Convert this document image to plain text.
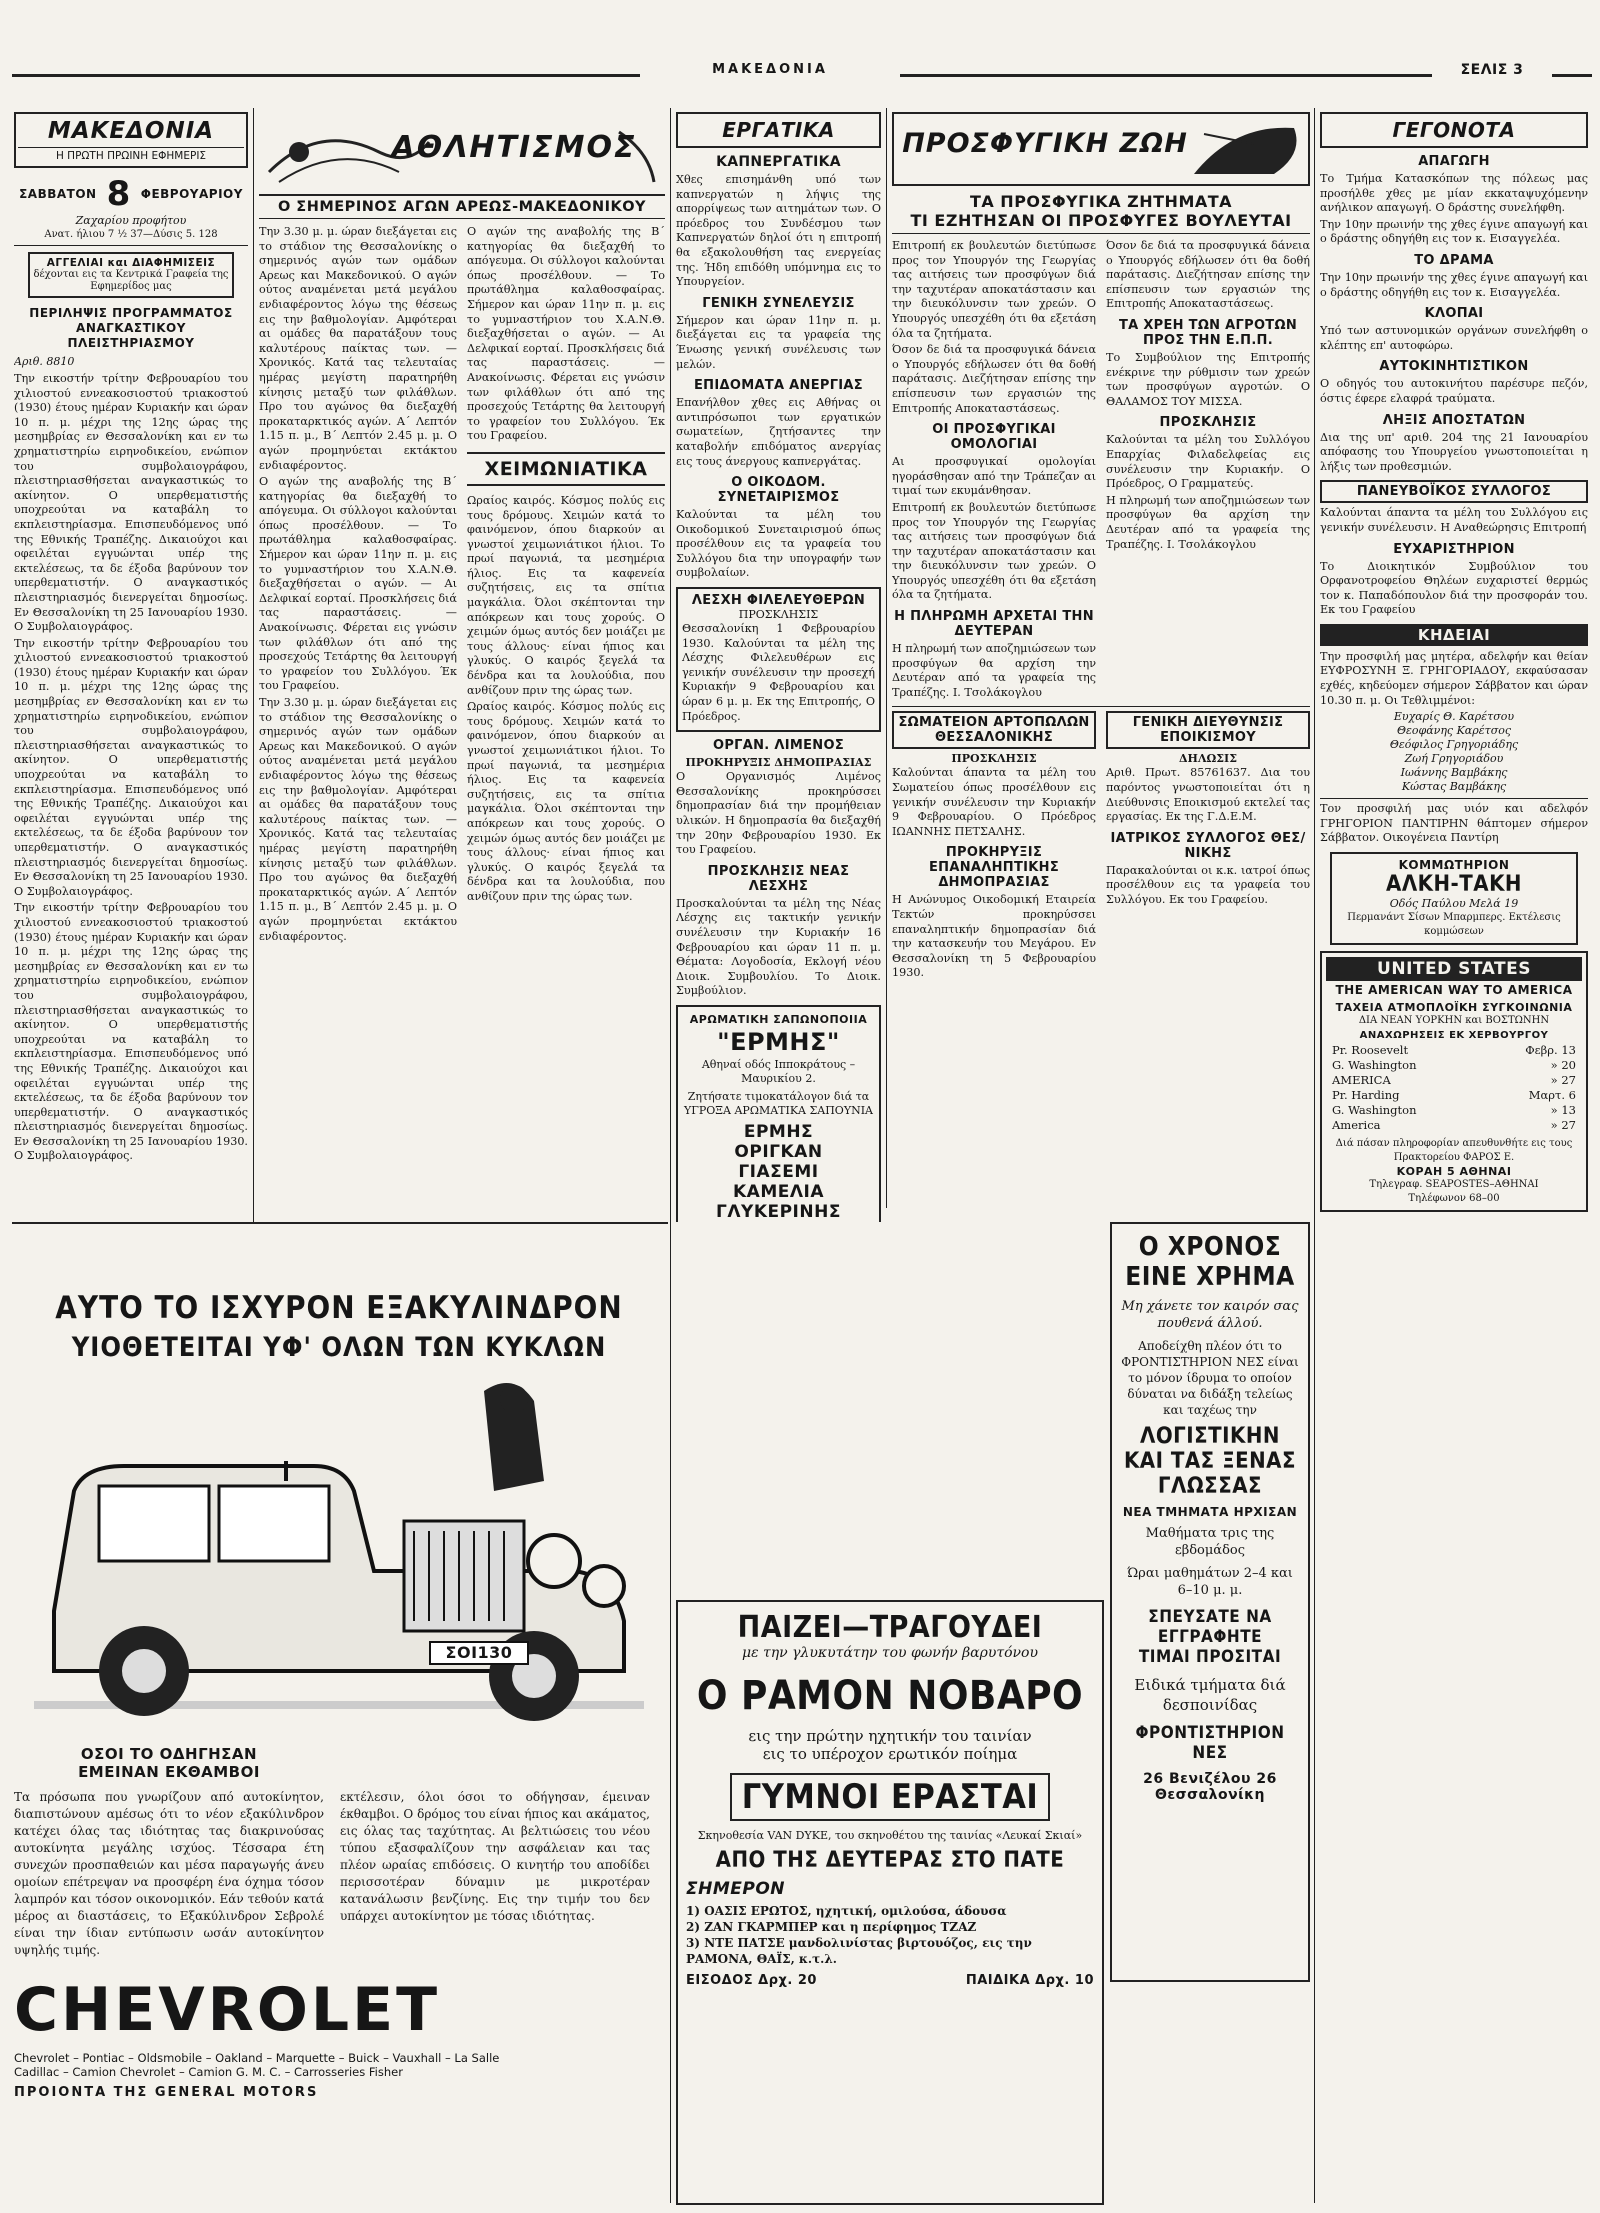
ΜΑΚΕΔΟΝΙΑ	ΣΕΛΙΣ 3
ΜΑΚΕΔΟΝΙΑ
Η ΠΡΩΤΗ ΠΡΩΙΝΗ ΕΦΗΜΕΡΙΣ
ΣΑΒΒΑΤΟΝ 8 ΦΕΒΡΟΥΑΡΙΟΥ
Ζαχαρίου προφήτου
Ανατ. ήλιου 7 ½ 37—Δύσις 5. 128
ΑΓΓΕΛΙΑΙ και ΔΙΑΦΗΜΙΣΕΙΣ
δέχονται εις τα Κεντρικά Γραφεία της Εφημερίδος μας
ΠΕΡΙΛΗΨΙΣ ΠΡΟΓΡΑΜΜΑΤΟΣ ΑΝΑΓΚΑΣΤΙΚΟΥ ΠΛΕΙΣΤΗΡΙΑΣΜΟΥ
Αριθ. 8810

Την εικοστήν τρίτην Φεβρουαρίου του χιλιοστού εννεακοσιοστού τριακοστού (1930) έτους ημέραν Κυριακήν και ώραν 10 π. μ. μέχρι της 12ης ώρας της μεσημβρίας εν Θεσσαλονίκη και εν τω χρηματιστηρίω ειρηνοδικείου, ενώπιον του συμβολαιογράφου, πλειστηριασθήσεται αναγκαστικώς το ακίνητον. Ο υπερθεματιστής υποχρεούται να καταβάλη το εκπλειστηρίασμα. Επισπευδόμενος υπό της Εθνικής Τραπέζης. Δικαιούχοι και οφειλέται εγγυώνται υπέρ της εκτελέσεως, τα δε έξοδα βαρύνουν τον υπερθεματιστήν. Ο αναγκαστικός πλειστηριασμός διενεργείται δημοσίως. Εν Θεσσαλονίκη τη 25 Ιανουαρίου 1930. Ο Συμβολαιογράφος.

Την εικοστήν τρίτην Φεβρουαρίου του χιλιοστού εννεακοσιοστού τριακοστού (1930) έτους ημέραν Κυριακήν και ώραν 10 π. μ. μέχρι της 12ης ώρας της μεσημβρίας εν Θεσσαλονίκη και εν τω χρηματιστηρίω ειρηνοδικείου, ενώπιον του συμβολαιογράφου, πλειστηριασθήσεται αναγκαστικώς το ακίνητον. Ο υπερθεματιστής υποχρεούται να καταβάλη το εκπλειστηρίασμα. Επισπευδόμενος υπό της Εθνικής Τραπέζης. Δικαιούχοι και οφειλέται εγγυώνται υπέρ της εκτελέσεως, τα δε έξοδα βαρύνουν τον υπερθεματιστήν. Ο αναγκαστικός πλειστηριασμός διενεργείται δημοσίως. Εν Θεσσαλονίκη τη 25 Ιανουαρίου 1930. Ο Συμβολαιογράφος.

Την εικοστήν τρίτην Φεβρουαρίου του χιλιοστού εννεακοσιοστού τριακοστού (1930) έτους ημέραν Κυριακήν και ώραν 10 π. μ. μέχρι της 12ης ώρας της μεσημβρίας εν Θεσσαλονίκη και εν τω χρηματιστηρίω ειρηνοδικείου, ενώπιον του συμβολαιογράφου, πλειστηριασθήσεται αναγκαστικώς το ακίνητον. Ο υπερθεματιστής υποχρεούται να καταβάλη το εκπλειστηρίασμα. Επισπευδόμενος υπό της Εθνικής Τραπέζης. Δικαιούχοι και οφειλέται εγγυώνται υπέρ της εκτελέσεως, τα δε έξοδα βαρύνουν τον υπερθεματιστήν. Ο αναγκαστικός πλειστηριασμός διενεργείται δημοσίως. Εν Θεσσαλονίκη τη 25 Ιανουαρίου 1930. Ο Συμβολαιογράφος.

ΑΘΛΗΤΙΣΜΟΣ
Ο ΣΗΜΕΡΙΝΟΣ ΑΓΩΝ ΑΡΕΩΣ-ΜΑΚΕΔΟΝΙΚΟΥ

Την 3.30 μ. μ. ώραν διεξάγεται εις το στάδιον της Θεσσαλονίκης ο σημερινός αγών των ομάδων Αρεως και Μακεδονικού. Ο αγών ούτος αναμένεται μετά μεγάλου ενδιαφέροντος λόγω της θέσεως εις την βαθμολογίαν. Αμφότεραι αι ομάδες θα παρατάξουν τους καλυτέρους παίκτας των. — Χρονικός. Κατά τας τελευταίας ημέρας μεγίστη παρατηρήθη κίνησις μεταξύ των φιλάθλων. Προ του αγώνος θα διεξαχθή προκαταρκτικός αγών. Α΄ Λεπτόν 1.15 π. μ., Β΄ Λεπτόν 2.45 μ. μ. Ο αγών προμηνύεται εκτάκτου ενδιαφέροντος.

Ο αγών της αναβολής της Β΄ κατηγορίας θα διεξαχθή το απόγευμα. Οι σύλλογοι καλούνται όπως προσέλθουν. — Το πρωτάθλημα καλαθοσφαίρας. Σήμερον και ώραν 11ην π. μ. εις το γυμναστήριον του Χ.Α.Ν.Θ. διεξαχθήσεται ο αγών. — Αι Δελφικαί εορταί. Προσκλήσεις διά τας παραστάσεις. — Ανακοίνωσις. Φέρεται εις γνώσιν των φιλάθλων ότι από της προσεχούς Τετάρτης θα λειτουργή το γραφείον του Συλλόγου. Έκ του Γραφείου.

Την 3.30 μ. μ. ώραν διεξάγεται εις το στάδιον της Θεσσαλονίκης ο σημερινός αγών των ομάδων Αρεως και Μακεδονικού. Ο αγών ούτος αναμένεται μετά μεγάλου ενδιαφέροντος λόγω της θέσεως εις την βαθμολογίαν. Αμφότεραι αι ομάδες θα παρατάξουν τους καλυτέρους παίκτας των. — Χρονικός. Κατά τας τελευταίας ημέρας μεγίστη παρατηρήθη κίνησις μεταξύ των φιλάθλων. Προ του αγώνος θα διεξαχθή προκαταρκτικός αγών. Α΄ Λεπτόν 1.15 π. μ., Β΄ Λεπτόν 2.45 μ. μ. Ο αγών προμηνύεται εκτάκτου ενδιαφέροντος.

Ο αγών της αναβολής της Β΄ κατηγορίας θα διεξαχθή το απόγευμα. Οι σύλλογοι καλούνται όπως προσέλθουν. — Το πρωτάθλημα καλαθοσφαίρας. Σήμερον και ώραν 11ην π. μ. εις το γυμναστήριον του Χ.Α.Ν.Θ. διεξαχθήσεται ο αγών. — Αι Δελφικαί εορταί. Προσκλήσεις διά τας παραστάσεις. — Ανακοίνωσις. Φέρεται εις γνώσιν των φιλάθλων ότι από της προσεχούς Τετάρτης θα λειτουργή το γραφείον του Συλλόγου. Έκ του Γραφείου.

ΧΕΙΜΩΝΙΑΤΙΚΑ

Ωραίος καιρός. Κόσμος πολύς εις τους δρόμους. Χειμών κατά το φαινόμενον, όπου διαρκούν αι γνωστοί χειμωνιάτικοι ήλιοι. Το πρωί παγωνιά, τα μεσημέρια ήλιος. Εις τα καφενεία συζητήσεις, εις τα σπίτια μαγκάλια. Όλοι σκέπτονται την απόκρεων και τους χορούς. Ο χειμών όμως αυτός δεν μοιάζει με τους άλλους· είναι ήπιος και γλυκύς. Ο καιρός ξεγελά τα δένδρα και τα λουλούδια, που ανθίζουν πριν της ώρας των.

Ωραίος καιρός. Κόσμος πολύς εις τους δρόμους. Χειμών κατά το φαινόμενον, όπου διαρκούν αι γνωστοί χειμωνιάτικοι ήλιοι. Το πρωί παγωνιά, τα μεσημέρια ήλιος. Εις τα καφενεία συζητήσεις, εις τα σπίτια μαγκάλια. Όλοι σκέπτονται την απόκρεων και τους χορούς. Ο χειμών όμως αυτός δεν μοιάζει με τους άλλους· είναι ήπιος και γλυκύς. Ο καιρός ξεγελά τα δένδρα και τα λουλούδια, που ανθίζουν πριν της ώρας των.

ΑΥΤΟ ΤΟ ΙΣΧΥΡΟΝ ΕΞΑΚΥΛΙΝΔΡΟΝ
ΥΙΟΘΕΤΕΙΤΑΙ ΥΦ' ΟΛΩΝ ΤΩΝ ΚΥΚΛΩΝ
ΣΟΙ130
ΟΣΟΙ ΤΟ ΟΔΗΓΗΣΑΝ
ΕΜΕΙΝΑΝ ΕΚΘΑΜΒΟΙ

Τα πρόσωπα που γνωρίζουν από αυτοκίνητον, διαπιστώνουν αμέσως ότι το νέον εξακύλινδρον κατέχει όλας τας ιδιότητας τας διακρινούσας αυτοκίνητα μεγάλης ισχύος. Τέσσαρα έτη συνεχών προσπαθειών και μέσα παραγωγής άνευ ομοίων επέτρεψαν να προσφέρη ένα όχημα τόσον λαμπρόν και τόσον οικονομικόν. Εάν τεθούν κατά μέρος αι διαστάσεις, το Εξακύλινδρον Σεβρολέ είναι την ίδιαν εντύπωσιν ωσάν αυτοκίνητον υψηλής τιμής.

εκτέλεσιν, όλοι όσοι το οδήγησαν, έμειναν έκθαμβοι. Ο δρόμος του είναι ήπιος και ακάματος, εις όλας τας ταχύτητας. Αι βελτιώσεις του νέου τύπου εξασφαλίζουν την ασφάλειαν και τας πλέον ωραίας επιδόσεις. Ο κινητήρ του αποδίδει περισσοτέραν δύναμιν με μικροτέραν κατανάλωσιν βενζίνης. Εις την τιμήν του δεν υπάρχει αυτοκίνητον με τόσας ιδιότητας.

CHEVROLET
Chevrolet – Pontiac – Oldsmobile – Oakland – Marquette – Buick – Vauxhall – La Salle
Cadillac – Camion Chevrolet – Camion G. M. C. – Carrosseries Fisher
ΠΡΟΙΟΝΤΑ ΤΗΣ GENERAL MOTORS
ΕΡΓΑΤΙΚΑ
ΚΑΠΝΕΡΓΑΤΙΚΑ

Χθες επισημάνθη υπό των καπνεργατών η λήψις της απορρίψεως των αιτημάτων των. Ο πρόεδρος του Συνδέσμου των Καπνεργατών δηλοί ότι η επιτροπή θα εξακολουθήση τας ενεργείας της. Ήδη επιδόθη υπόμνημα εις το Υπουργείον.

ΓΕΝΙΚΗ ΣΥΝΕΛΕΥΣΙΣ

Σήμερον και ώραν 11ην π. μ. διεξάγεται εις τα γραφεία της Ένωσης γενική συνέλευσις των μελών.

ΕΠΙΔΟΜΑΤΑ ΑΝΕΡΓΙΑΣ

Επανήλθον χθες εις Αθήνας οι αντιπρόσωποι των εργατικών σωματείων, ζητήσαντες την καταβολήν επιδόματος ανεργίας εις τους άνεργους καπνεργάτας.

Ο ΟΙΚΟΔΟΜ. ΣΥΝΕΤΑΙΡΙΣΜΟΣ

Καλούνται τα μέλη του Οικοδομικού Συνεταιρισμού όπως προσέλθουν εις τα γραφεία του Συλλόγου δια την υπογραφήν των συμβολαίων.

ΛΕΣΧΗ ΦΙΛΕΛΕΥΘΕΡΩΝ
ΠΡΟΣΚΛΗΣΙΣ

Θεσσαλονίκη 1 Φεβρουαρίου 1930. Καλούνται τα μέλη της Λέσχης Φιλελευθέρων εις γενικήν συνέλευσιν την προσεχή Κυριακήν 9 Φεβρουαρίου και ώραν 6 μ. μ. Εκ της Επιτροπής, Ο Πρόεδρος.

ΟΡΓΑΝ. ΛΙΜΕΝΟΣ
ΠΡΟΚΗΡΥΞΙΣ ΔΗΜΟΠΡΑΣΙΑΣ

Ο Οργανισμός Λιμένος Θεσσαλονίκης προκηρύσσει δημοπρασίαν διά την προμήθειαν υλικών. Η δημοπρασία θα διεξαχθή την 20ην Φεβρουαρίου 1930. Εκ του Γραφείου.

ΠΡΟΣΚΛΗΣΙΣ ΝΕΑΣ ΛΕΣΧΗΣ

Προσκαλούνται τα μέλη της Νέας Λέσχης εις τακτικήν γενικήν συνέλευσιν την Κυριακήν 16 Φεβρουαρίου και ώραν 11 π. μ. Θέματα: Λογοδοσία, Εκλογή νέου Διοικ. Συμβουλίου. Το Διοικ. Συμβούλιον.

ΑΡΩΜΑΤΙΚΗ ΣΑΠΩΝΟΠΟΙΙΑ
"ΕΡΜΗΣ"
Αθηναί οδός Ιπποκράτους – Μαυρικίου 2.
Ζητήσατε τιμοκατάλογον διά τα ΥΓΡΟΞΑ ΑΡΩΜΑΤΙΚΑ ΣΑΠΟΥΝΙΑ
ΕΡΜΗΣ
ΟΡΙΓΚΑΝ
ΓΙΑΣΕΜΙ
ΚΑΜΕΛΙΑ
ΓΛΥΚΕΡΙΝΗΣ
ΠΡΟΣΦΥΓΙΚΗ ΖΩΗ
ΤΑ ΠΡΟΣΦΥΓΙΚΑ ΖΗΤΗΜΑΤΑ
ΤΙ ΕΖΗΤΗΣΑΝ ΟΙ ΠΡΟΣΦΥΓΕΣ ΒΟΥΛΕΥΤΑΙ

Επιτροπή εκ βουλευτών διετύπωσε προς τον Υπουργόν της Γεωργίας τας αιτήσεις των προσφύγων διά την ταχυτέραν αποκατάστασιν και την διευκόλυνσιν των χρεών. Ο Υπουργός υπεσχέθη ότι θα εξετάση όλα τα ζητήματα.

Όσον δε διά τα προσφυγικά δάνεια ο Υπουργός εδήλωσεν ότι θα δοθή παράτασις. Διεζήτησαν επίσης την επίσπευσιν των εργασιών της Επιτροπής Αποκαταστάσεως.

ΟΙ ΠΡΟΣΦΥΓΙΚΑΙ ΟΜΟΛΟΓΙΑΙ

Αι προσφυγικαί ομολογίαι ηγοράσθησαν από την Τράπεζαν αι τιμαί των εκυμάνθησαν.

Επιτροπή εκ βουλευτών διετύπωσε προς τον Υπουργόν της Γεωργίας τας αιτήσεις των προσφύγων διά την ταχυτέραν αποκατάστασιν και την διευκόλυνσιν των χρεών. Ο Υπουργός υπεσχέθη ότι θα εξετάση όλα τα ζητήματα.

Η ΠΛΗΡΩΜΗ ΑΡΧΕΤΑΙ ΤΗΝ ΔΕΥΤΕΡΑΝ

Η πληρωμή των αποζημιώσεων των προσφύγων θα αρχίση την Δευτέραν από τα γραφεία της Τραπέζης. Ι. Τσολάκογλου

Όσον δε διά τα προσφυγικά δάνεια ο Υπουργός εδήλωσεν ότι θα δοθή παράτασις. Διεζήτησαν επίσης την επίσπευσιν των εργασιών της Επιτροπής Αποκαταστάσεως.

ΤΑ ΧΡΕΗ ΤΩΝ ΑΓΡΟΤΩΝ ΠΡΟΣ ΤΗΝ Ε.Π.Π.

Το Συμβούλιον της Επιτροπής ενέκρινε την ρύθμισιν των χρεών των προσφύγων αγροτών. Ο ΘΑΛΑΜΟΣ ΤΟΥ ΜΙΣΣΑ.

ΠΡΟΣΚΛΗΣΙΣ

Καλούνται τα μέλη του Συλλόγου Επαρχίας Φιλαδελφείας εις συνέλευσιν την Κυριακήν. Ο Πρόεδρος, Ο Γραμματεύς.

Η πληρωμή των αποζημιώσεων των προσφύγων θα αρχίση την Δευτέραν από τα γραφεία της Τραπέζης. Ι. Τσολάκογλου

ΣΩΜΑΤΕΙΟΝ ΑΡΤΟΠΩΛΩΝ ΘΕΣΣΑΛΟΝΙΚΗΣ
ΠΡΟΣΚΛΗΣΙΣ

Καλούνται άπαντα τα μέλη του Σωματείου όπως προσέλθουν εις γενικήν συνέλευσιν την Κυριακήν 9 Φεβρουαρίου. Ο Πρόεδρος ΙΩΑΝΝΗΣ ΠΕΤΣΑΛΗΣ.

ΠΡΟΚΗΡΥΞΙΣ ΕΠΑΝΑΛΗΠΤΙΚΗΣ ΔΗΜΟΠΡΑΣΙΑΣ

Η Ανώνυμος Οικοδομική Εταιρεία Τεκτών προκηρύσσει επαναληπτικήν δημοπρασίαν διά την κατασκευήν του Μεγάρου. Εν Θεσσαλονίκη τη 5 Φεβρουαρίου 1930.

ΓΕΝΙΚΗ ΔΙΕΥΘΥΝΣΙΣ ΕΠΟΙΚΙΣΜΟΥ
ΔΗΛΩΣΙΣ

Αριθ. Πρωτ. 85761637. Δια του παρόντος γνωστοποιείται ότι η Διεύθυνσις Εποικισμού εκτελεί τας εργασίας. Εκ της Γ.Δ.Ε.Μ.

ΙΑΤΡΙΚΟΣ ΣΥΛΛΟΓΟΣ ΘΕΣ/ΝΙΚΗΣ

Παρακαλούνται οι κ.κ. ιατροί όπως προσέλθουν εις τα γραφεία του Συλλόγου. Εκ του Γραφείου.

Ο ΧΡΟΝΟΣ
ΕΙΝΕ ΧΡΗΜΑ
Μη χάνετε τον καιρόν σας πουθενά άλλού.
Αποδείχθη πλέον ότι το ΦΡΟΝΤΙΣΤΗΡΙΟΝ ΝΕΣ είναι το μόνον ίδρυμα το οποίον δύναται να διδάξη τελείως και ταχέως την
ΛΟΓΙΣΤΙΚΗΝ
ΚΑΙ ΤΑΣ ΞΕΝΑΣ
ΓΛΩΣΣΑΣ
ΝΕΑ ΤΜΗΜΑΤΑ ΗΡΧΙΣΑΝ
Μαθήματα τρις της εβδομάδος
Ώραι μαθημάτων 2–4 και 6–10 μ. μ.
ΣΠΕΥΣΑΤΕ ΝΑ ΕΓΓΡΑΦΗΤΕ
ΤΙΜΑΙ ΠΡΟΣΙΤΑΙ
Ειδικά τμήματα διά δεσποινίδας
ΦΡΟΝΤΙΣΤΗΡΙΟΝ ΝΕΣ
26 Βενιζέλου 26
Θεσσαλονίκη
ΠΑΙΖΕΙ—ΤΡΑΓΟΥΔΕΙ
με την γλυκυτάτην του φωνήν βαρυτόνου
Ο ΡΑΜΟΝ ΝΟΒΑΡΟ
εις την πρώτην ηχητικήν του ταινίαν
εις το υπέροχον ερωτικόν ποίημα
ΓΥΜΝΟΙ ΕΡΑΣΤΑΙ
Σκηνοθεσία VAN DYKE, του σκηνοθέτου της ταινίας «Λευκαί Σκιαί»
ΑΠΟ ΤΗΣ ΔΕΥΤΕΡΑΣ ΣΤΟ ΠΑΤΕ
ΣΗΜΕΡΟΝ

1) ΟΑΣΙΣ ΕΡΩΤΟΣ, ηχητική, ομιλούσα, άδουσα

2) ΖΑΝ ΓΚΑΡΜΠΕΡ και η περίφημος ΤΖΑΖ

3) ΝΤΕ ΠΑΤΣΕ μανδολινίστας βιρτουόζος, εις την ΡΑΜΟΝΑ, ΘΑΪΣ, κ.τ.λ.

ΕΙΣΟΔΟΣ Δρχ. 20	ΠΑΙΔΙΚΑ Δρχ. 10
ΓΕΓΟΝΟΤΑ
ΑΠΑΓΩΓΗ

Το Τμήμα Κατασκόπων της πόλεως μας προσήλθε χθες με μίαν εκκαταψυχόμενην ανήλικον απαγωγή. Ο δράστης συνελήφθη.

Την 10ην πρωινήν της χθες έγινε απαγωγή και ο δράστης οδηγήθη εις τον κ. Εισαγγελέα.

ΤΟ ΔΡΑΜΑ

Την 10ην πρωινήν της χθες έγινε απαγωγή και ο δράστης οδηγήθη εις τον κ. Εισαγγελέα.

ΚΛΟΠΑΙ

Υπό των αστυνομικών οργάνων συνελήφθη ο κλέπτης επ' αυτοφώρω.

ΑΥΤΟΚΙΝΗΤΙΣΤΙΚΟΝ

Ο οδηγός του αυτοκινήτου παρέσυρε πεζόν, όστις έφερε ελαφρά τραύματα.

ΛΗΞΙΣ ΑΠΟΣΤΑΤΩΝ

Δια της υπ' αριθ. 204 της 21 Ιανουαρίου απόφασης του Υπουργείου γνωστοποιείται η λήξις των προθεσμιών.

ΠΑΝΕΥΒΟΪΚΟΣ ΣΥΛΛΟΓΟΣ

Καλούνται άπαντα τα μέλη του Συλλόγου εις γενικήν συνέλευσιν. Η Αναθεώρησις Επιτροπή

ΕΥΧΑΡΙΣΤΗΡΙΟΝ

Το Διοικητικόν Συμβούλιον του Ορφανοτροφείου Θηλέων ευχαριστεί θερμώς τον κ. Παπαδόπουλον διά την προσφοράν του. Εκ του Γραφείου

ΚΗΔΕΙΑΙ

Την προσφιλή μας μητέρα, αδελφήν και θείαν ΕΥΦΡΟΣΥΝΗ Ξ. ΓΡΗΓΟΡΙΑΔΟΥ, εκφαύσασαν εχθές, κηδεύομεν σήμερον Σάββατον και ώραν 10.30 π. μ. Οι Τεθλιμμένοι:

Ευχαρίς Θ. Καρέτσου
Θεοφάνης Καρέτσος
Θεόφιλος Γρηγοριάδης
Ζωή Γρηγοριάδου
Ιωάννης Βαμβάκης
Κώστας Βαμβάκης

Τον προσφιλή μας υιόν και αδελφόν ΓΡΗΓΟΡΙΟΝ ΠΑΝΤΙΡΗΝ θάπτομεν σήμερον Σάββατον. Οικογένεια Παντίρη

ΚΟΜΜΩΤΗΡΙΟΝ
ΑΛΚΗ-ΤΑΚΗ
Οδός Παύλου Μελά 19
Περμανάντ Σίσων Μπαρμπερς. Εκτέλεσις κομμώσεων
UNITED STATES
THE AMERICAN WAY TO AMERICA
ΤΑΧΕΙΑ ΑΤΜΟΠΛΟΪΚΗ ΣΥΓΚΟΙΝΩΝΙΑ
ΔΙΑ ΝΕΑΝ ΥΟΡΚΗΝ και ΒΟΣΤΩΝΗΝ
ΑΝΑΧΩΡΗΣΕΙΣ ΕΚ ΧΕΡΒΟΥΡΓΟΥ
Pr. Roosevelt	Φεβρ. 13
G. Washington	» 20
AMERICA	» 27
Pr. Harding	Μαρτ. 6
G. Washington	» 13
America	» 27
Διά πάσαν πληροφορίαν απευθυνθήτε εις τους Πρακτορείου ΦΑΡΟΣ Ε.
ΚΟΡΑΗ 5 ΑΘΗΝΑΙ
Τηλεγραφ. SEAPOSTES–ΑΘΗΝΑΙ
Τηλέφωνον 68–00
